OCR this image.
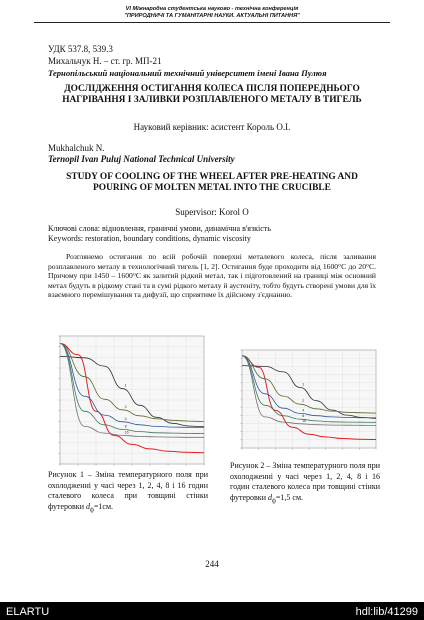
VI Міжнародна студентська науково - технічна конференція
"ПРИРОДНИЧІ ТА ГУМАНІТАРНІ НАУКИ. АКТУАЛЬНІ ПИТАННЯ"
УДК 537.8, 539.3
Михальчук Н. – ст. гр. МП-21
Тернопільський національний технічний університет імені Івана Пулюя
ДОСЛІДЖЕННЯ ОСТИГАННЯ КОЛЕСА ПІСЛЯ ПОПЕРЕДНЬОГО НАГРІВАННЯ І ЗАЛИВКИ РОЗПЛАВЛЕНОГО МЕТАЛУ В ТИГЕЛЬ
Науковий керівник: асистент Король О.І.
Mukhalchuk N.
Ternopil Ivan Puluj National Technical University
STUDY OF COOLING OF THE WHEEL AFTER PRE-HEATING AND POURING OF MOLTEN METAL INTO THE CRUCIBLE
Supervisor: Korol O
Ключові слова: відновлення, граничні умови, динамічна в'язкість
Keywords: restoration, boundary conditions, dynamic viscosity
Розглянемо остигання по всій робочій поверхні металевого колеса, після заливання розплавленого металу в технологічний тигель [1, 2]. Остигання буде проходити від 1600°С до 20°С. Причому при 1450 – 1600°С як залитий рідкий метал, так і підготовлений на границі між основний метал будуть в рідкому стані та в сумі рідкого металу й аустеніту, тобто будуть створені умови для їх взаємного перемішування та дифузії, що сприятиме їх дійсному з'єднанню.
1
2
4
8
16
1
2
4
8
16
Рисунок 1 – Зміна температурного поля при охолодженні у часі через 1, 2, 4, 8 і 16 годин сталевого колеса при товщині стінки футеровки $d_ф=1см$.
Рисунок 2 – Зміна температурного поля при охолодженні у часі через 1, 2, 4, 8 і 16 годин сталевого колеса при товщині стінки футеровки $d_ф=1,5$ см.
244
ELARTU	hdl:lib/41299
